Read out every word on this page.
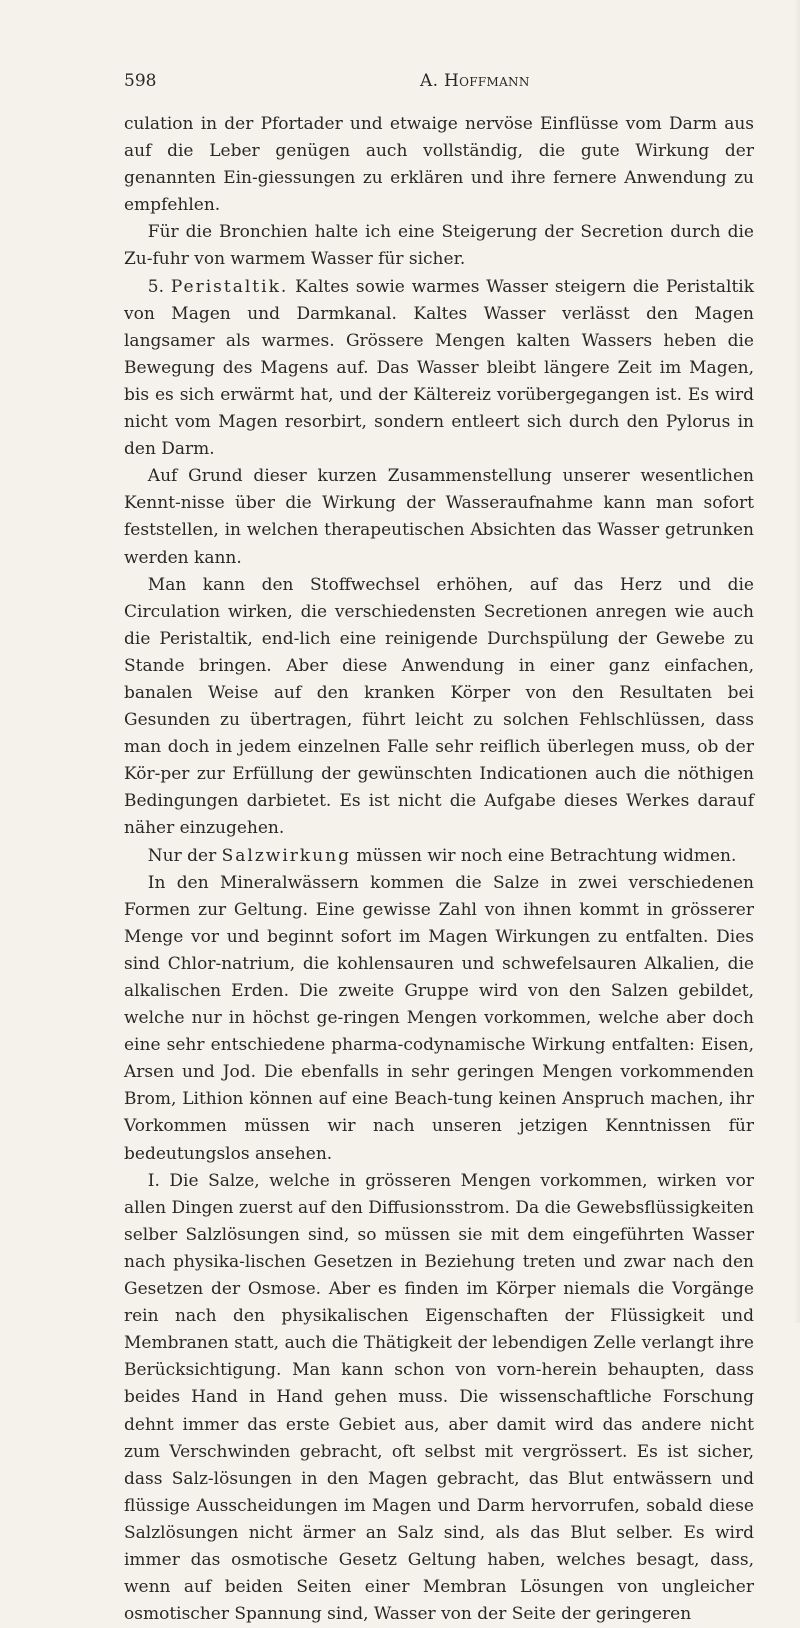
598	A. Hoffmann

culation in der Pfortader und etwaige nervöse Einflüsse vom Darm aus auf die Leber genügen auch vollständig, die gute Wirkung der genannten Ein-giessungen zu erklären und ihre fernere Anwendung zu empfehlen.

Für die Bronchien halte ich eine Steigerung der Secretion durch die Zu-fuhr von warmem Wasser für sicher.

5. Peristaltik. Kaltes sowie warmes Wasser steigern die Peristaltik von Magen und Darmkanal. Kaltes Wasser verlässt den Magen langsamer als warmes. Grössere Mengen kalten Wassers heben die Bewegung des Magens auf. Das Wasser bleibt längere Zeit im Magen, bis es sich erwärmt hat, und der Kältereiz vorübergegangen ist. Es wird nicht vom Magen resorbirt, sondern entleert sich durch den Pylorus in den Darm.

Auf Grund dieser kurzen Zusammenstellung unserer wesentlichen Kennt-nisse über die Wirkung der Wasseraufnahme kann man sofort feststellen, in welchen therapeutischen Absichten das Wasser getrunken werden kann.

Man kann den Stoffwechsel erhöhen, auf das Herz und die Circulation wirken, die verschiedensten Secretionen anregen wie auch die Peristaltik, end-lich eine reinigende Durchspülung der Gewebe zu Stande bringen. Aber diese Anwendung in einer ganz einfachen, banalen Weise auf den kranken Körper von den Resultaten bei Gesunden zu übertragen, führt leicht zu solchen Fehlschlüssen, dass man doch in jedem einzelnen Falle sehr reiflich überlegen muss, ob der Kör-per zur Erfüllung der gewünschten Indicationen auch die nöthigen Bedingungen darbietet. Es ist nicht die Aufgabe dieses Werkes darauf näher einzugehen.

Nur der Salzwirkung müssen wir noch eine Betrachtung widmen.

In den Mineralwässern kommen die Salze in zwei verschiedenen Formen zur Geltung. Eine gewisse Zahl von ihnen kommt in grösserer Menge vor und beginnt sofort im Magen Wirkungen zu entfalten. Dies sind Chlor-natrium, die kohlensauren und schwefelsauren Alkalien, die alkalischen Erden. Die zweite Gruppe wird von den Salzen gebildet, welche nur in höchst ge-ringen Mengen vorkommen, welche aber doch eine sehr entschiedene pharma-codynamische Wirkung entfalten: Eisen, Arsen und Jod. Die ebenfalls in sehr geringen Mengen vorkommenden Brom, Lithion können auf eine Beach-tung keinen Anspruch machen, ihr Vorkommen müssen wir nach unseren jetzigen Kenntnissen für bedeutungslos ansehen.

I. Die Salze, welche in grösseren Mengen vorkommen, wirken vor allen Dingen zuerst auf den Diffusionsstrom. Da die Gewebsflüssigkeiten selber Salzlösungen sind, so müssen sie mit dem eingeführten Wasser nach physika-lischen Gesetzen in Beziehung treten und zwar nach den Gesetzen der Osmose. Aber es finden im Körper niemals die Vorgänge rein nach den physikalischen Eigenschaften der Flüssigkeit und Membranen statt, auch die Thätigkeit der lebendigen Zelle verlangt ihre Berücksichtigung. Man kann schon von vorn-herein behaupten, dass beides Hand in Hand gehen muss. Die wissenschaftliche Forschung dehnt immer das erste Gebiet aus, aber damit wird das andere nicht zum Verschwinden gebracht, oft selbst mit vergrössert. Es ist sicher, dass Salz-lösungen in den Magen gebracht, das Blut entwässern und flüssige Ausscheidungen im Magen und Darm hervorrufen, sobald diese Salzlösungen nicht ärmer an Salz sind, als das Blut selber. Es wird immer das osmotische Gesetz Geltung haben, welches besagt, dass, wenn auf beiden Seiten einer Membran Lösungen von ungleicher osmotischer Spannung sind, Wasser von der Seite der geringeren
